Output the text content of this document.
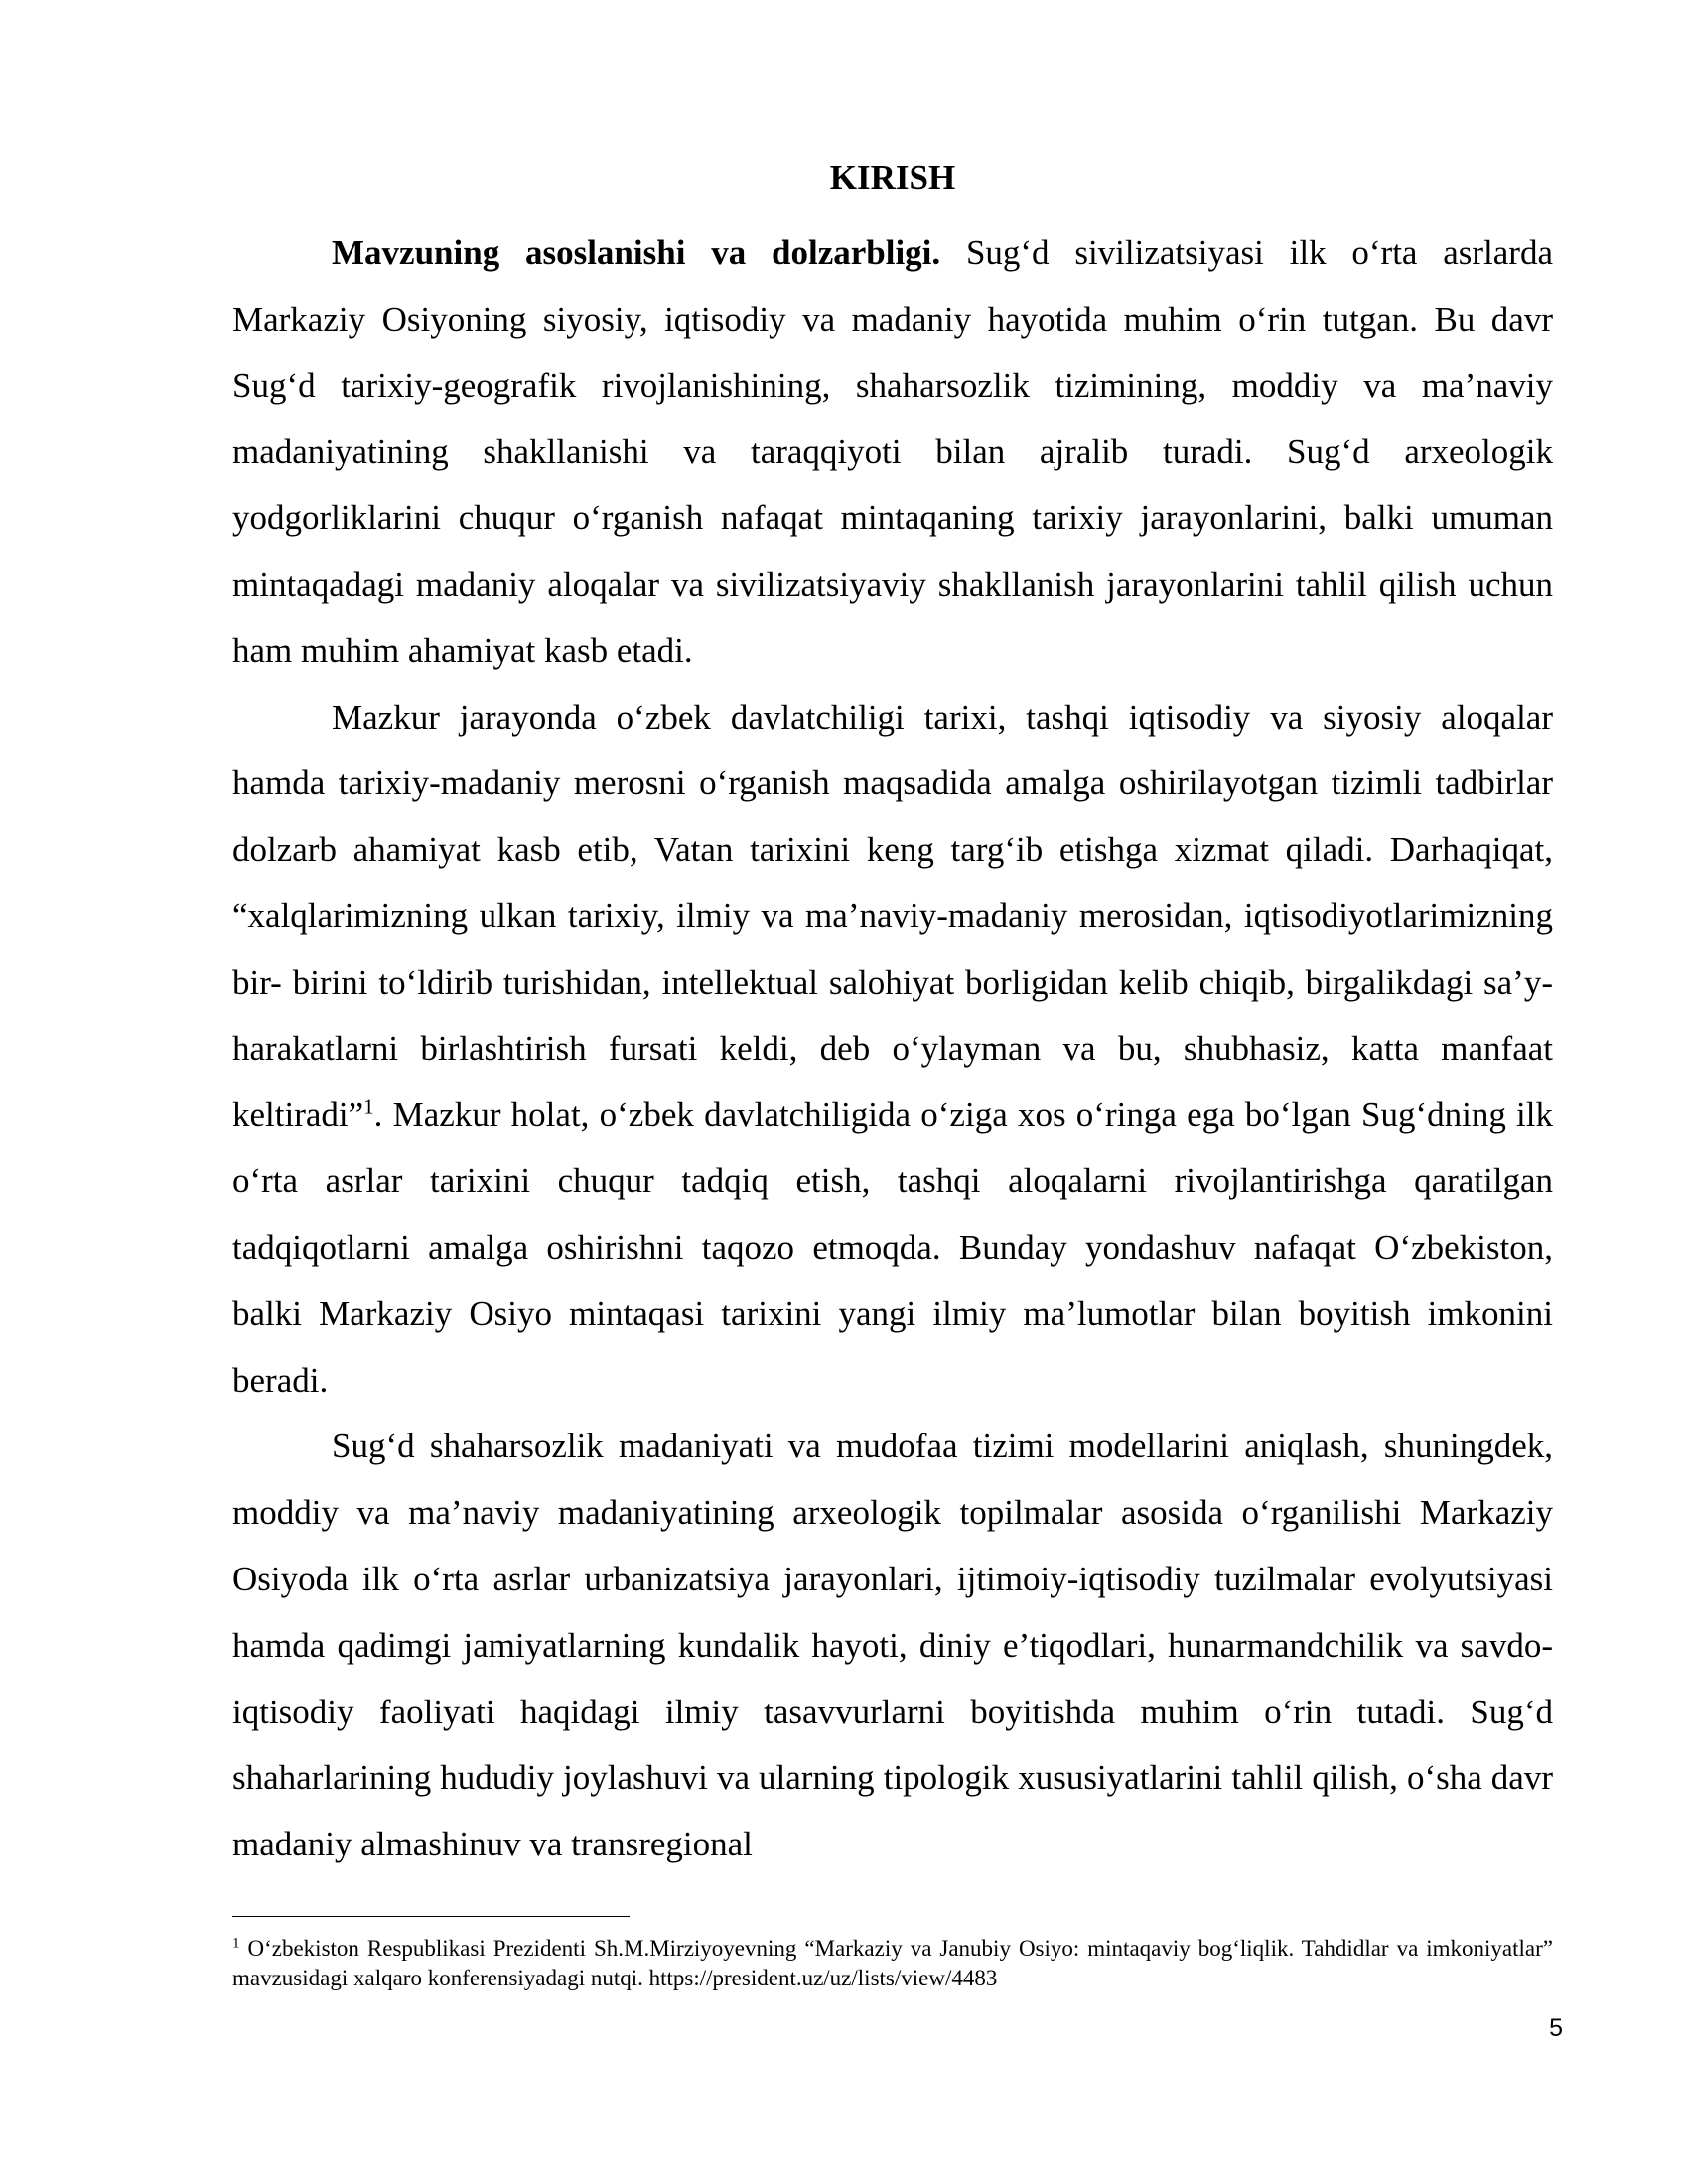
KIRISH

Mavzuning asoslanishi va dolzarbligi. Sug‘d sivilizatsiyasi ilk o‘rta asrlarda Markaziy Osiyoning siyosiy, iqtisodiy va madaniy hayotida muhim o‘rin tutgan. Bu davr Sug‘d tarixiy-geografik rivojlanishining, shaharsozlik tizimining, moddiy va ma’naviy madaniyatining shakllanishi va taraqqiyoti bilan ajralib turadi. Sug‘d arxeologik yodgorliklarini chuqur o‘rganish nafaqat mintaqaning tarixiy jarayonlarini, balki umuman mintaqadagi madaniy aloqalar va sivilizatsiyaviy shakllanish jarayonlarini tahlil qilish uchun ham muhim ahamiyat kasb etadi.

Mazkur jarayonda o‘zbek davlatchiligi tarixi, tashqi iqtisodiy va siyosiy aloqalar hamda tarixiy-madaniy merosni o‘rganish maqsadida amalga oshirilayotgan tizimli tadbirlar dolzarb ahamiyat kasb etib, Vatan tarixini keng targ‘ib etishga xizmat qiladi. Darhaqiqat, “xalqlarimizning ulkan tarixiy, ilmiy va ma’naviy-madaniy merosidan, iqtisodiyotlarimizning bir- birini to‘ldirib turishidan, intellektual salohiyat borligidan kelib chiqib, birgalikdagi sa’y-harakatlarni birlashtirish fursati keldi, deb o‘ylayman va bu, shubhasiz, katta manfaat keltiradi”$^1$. Mazkur holat, o‘zbek davlatchiligida o‘ziga xos o‘ringa ega bo‘lgan Sug‘dning ilk o‘rta asrlar tarixini chuqur tadqiq etish, tashqi aloqalarni rivojlantirishga qaratilgan tadqiqotlarni amalga oshirishni taqozo etmoqda. Bunday yondashuv nafaqat O‘zbekiston, balki Markaziy Osiyo mintaqasi tarixini yangi ilmiy ma’lumotlar bilan boyitish imkonini beradi.

Sug‘d shaharsozlik madaniyati va mudofaa tizimi modellarini aniqlash, shuningdek, moddiy va ma’naviy madaniyatining arxeologik topilmalar asosida o‘rganilishi Markaziy Osiyoda ilk o‘rta asrlar urbanizatsiya jarayonlari, ijtimoiy-iqtisodiy tuzilmalar evolyutsiyasi hamda qadimgi jamiyatlarning kundalik hayoti, diniy e’tiqodlari, hunarmandchilik va savdo-iqtisodiy faoliyati haqidagi ilmiy tasavvurlarni boyitishda muhim o‘rin tutadi. Sug‘d shaharlarining hududiy joylashuvi va ularning tipologik xususiyatlarini tahlil qilish, o‘sha davr madaniy almashinuv va transregional

$^1$ O‘zbekiston Respublikasi Prezidenti Sh.M.Mirziyoyevning “Markaziy va Janubiy Osiyo: mintaqaviy bog‘liqlik. Tahdidlar va imkoniyatlar” mavzusidagi xalqaro konferensiyadagi nutqi. https://president.uz/uz/lists/view/4483
5
